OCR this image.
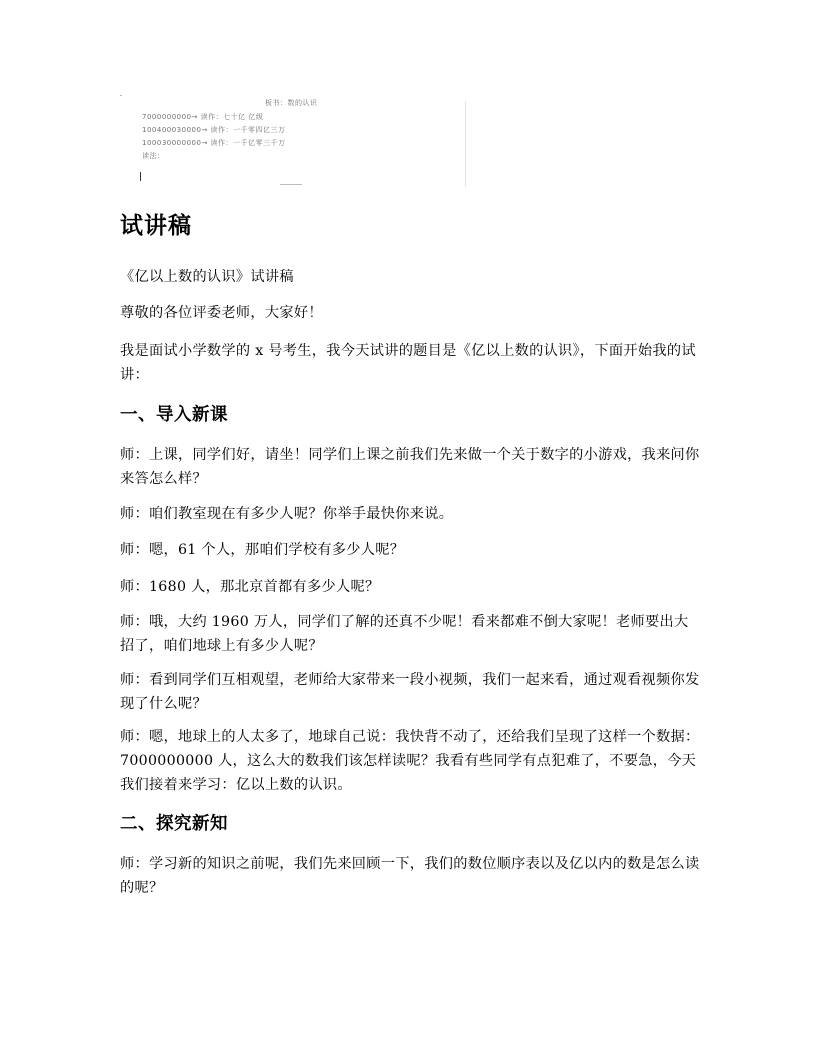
板书：数的认识
7000000000→ 读作：七十亿 亿级
100400030000→ 读作：一千零四亿三万
100030000000→ 读作：一千亿零三千万
读法：
试讲稿

《亿以上数的认识》试讲稿

尊敬的各位评委老师，大家好！

我是面试小学数学的 x 号考生，我今天试讲的题目是《亿以上数的认识》，下面开始我的试讲：

一、导入新课

师：上课，同学们好，请坐！同学们上课之前我们先来做一个关于数字的小游戏，我来问你来答怎么样？

师：咱们教室现在有多少人呢？你举手最快你来说。

师：嗯，61 个人，那咱们学校有多少人呢？

师：1680 人，那北京首都有多少人呢？

师：哦，大约 1960 万人，同学们了解的还真不少呢！看来都难不倒大家呢！老师要出大招了，咱们地球上有多少人呢？

师：看到同学们互相观望，老师给大家带来一段小视频，我们一起来看，通过观看视频你发现了什么呢？

师：嗯，地球上的人太多了，地球自己说：我快背不动了，还给我们呈现了这样一个数据：7000000000 人，这么大的数我们该怎样读呢？我看有些同学有点犯难了，不要急，今天我们接着来学习：亿以上数的认识。

二、探究新知

师：学习新的知识之前呢，我们先来回顾一下，我们的数位顺序表以及亿以内的数是怎么读的呢？
